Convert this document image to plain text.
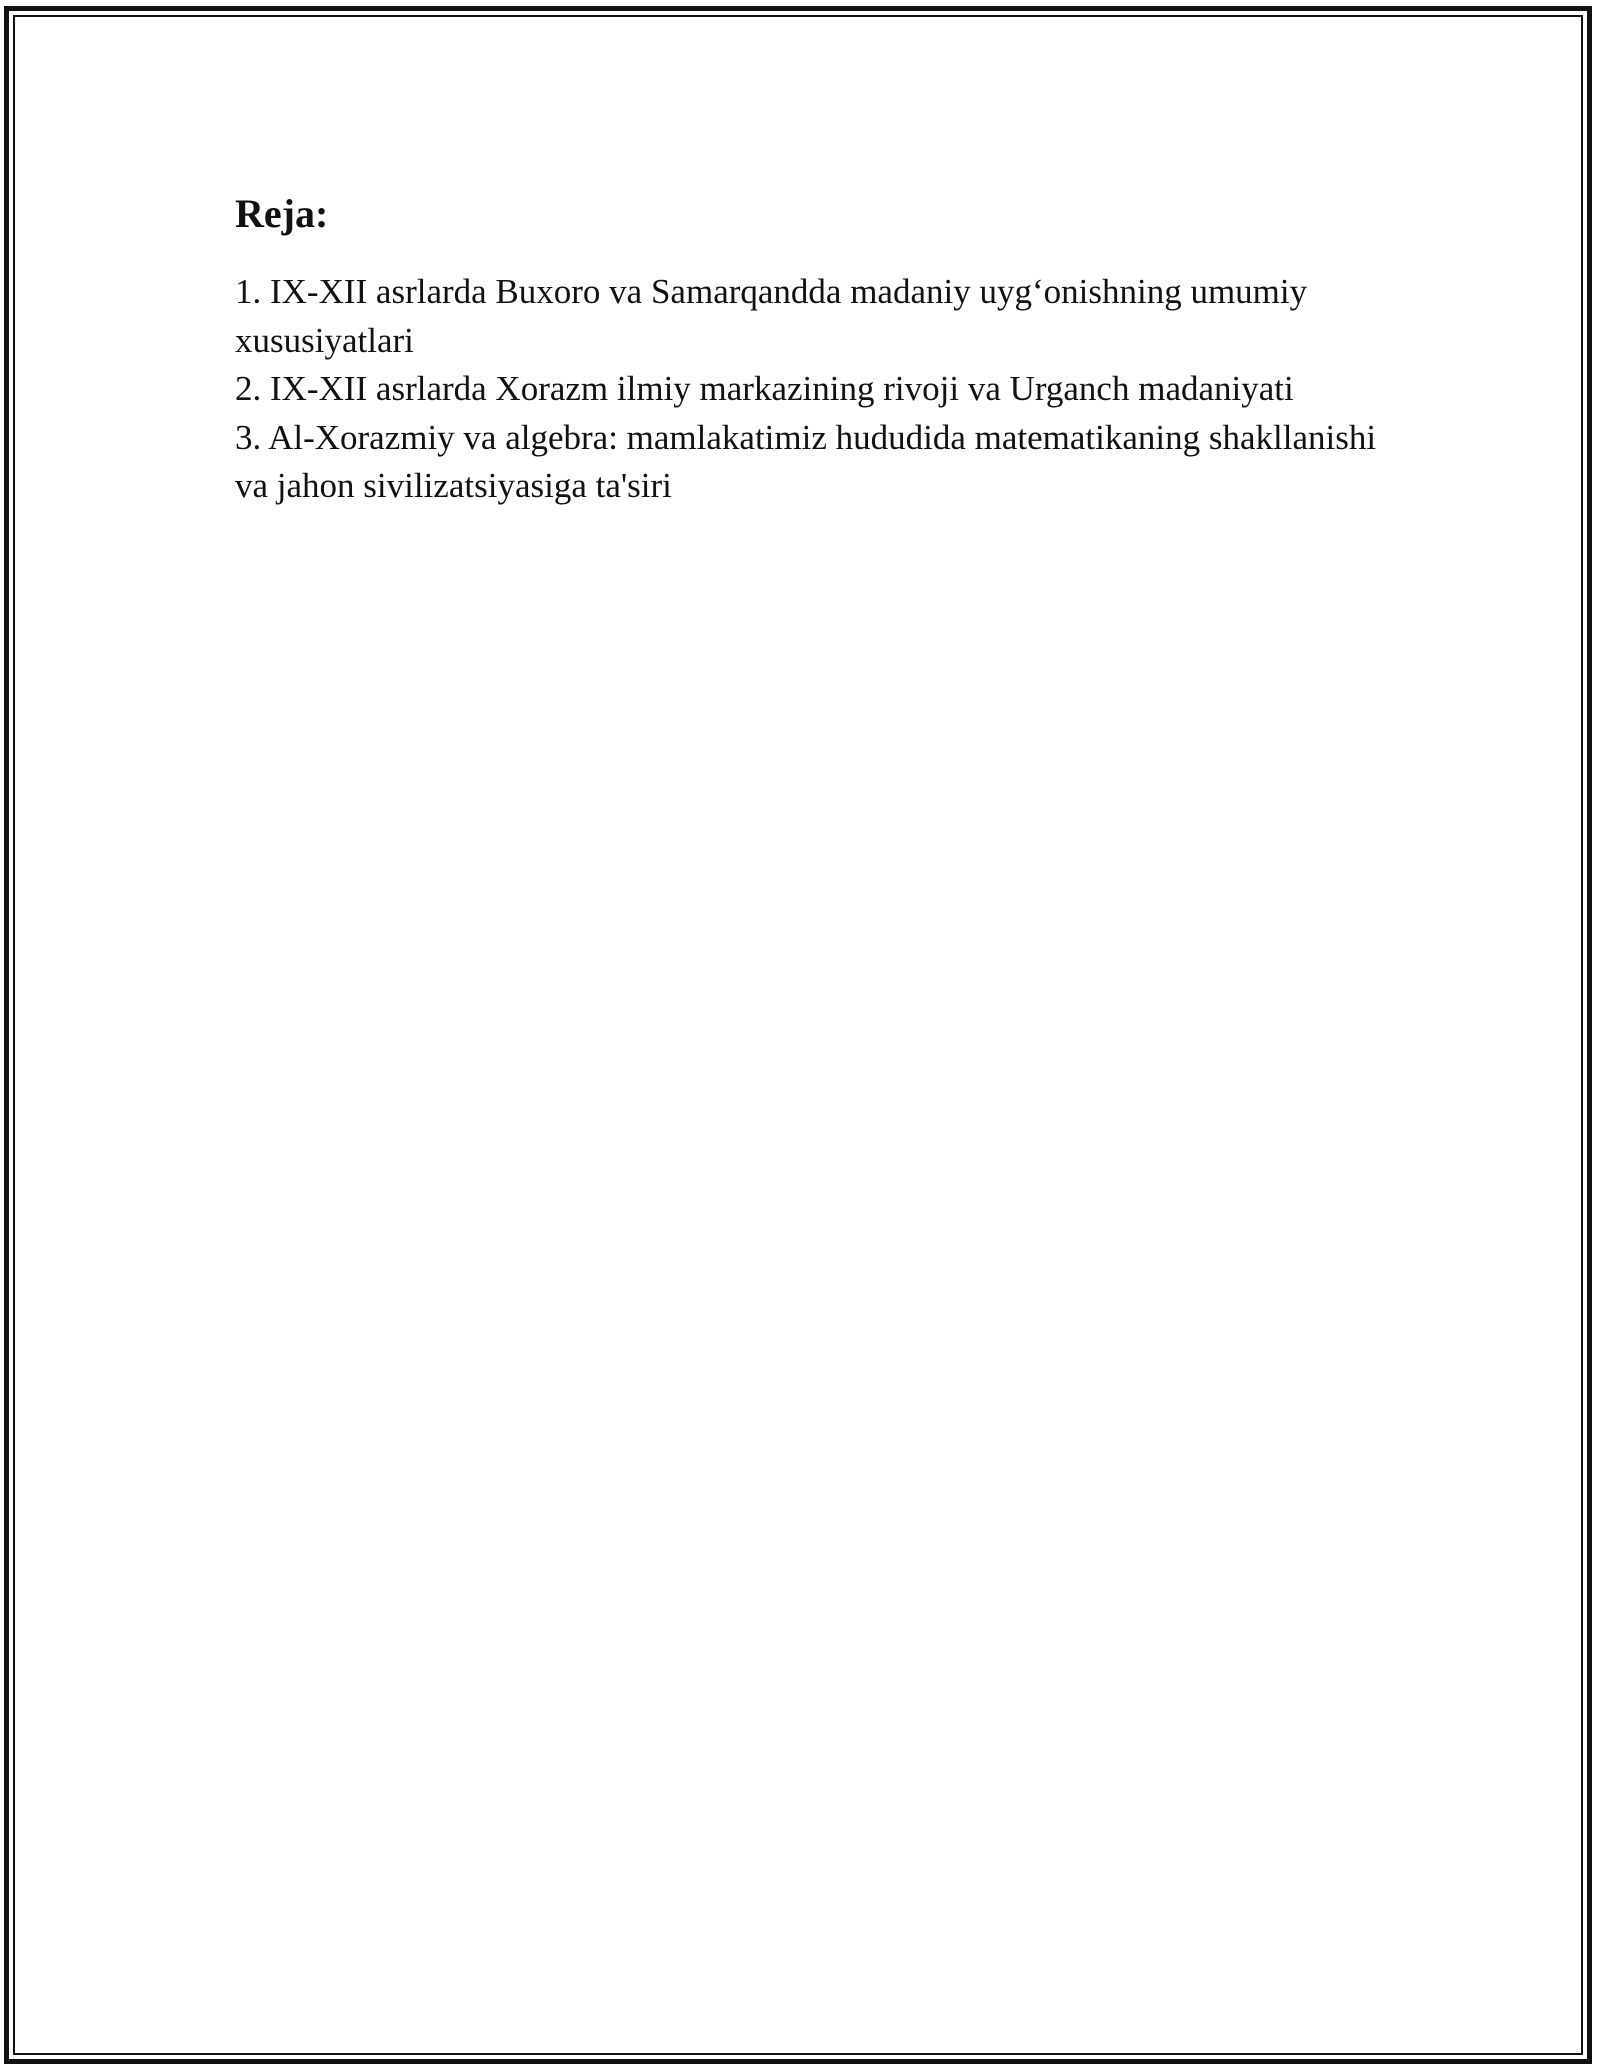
Reja:
1. IX-XII asrlarda Buxoro va Samarqandda madaniy uyg‘onishning umumiy xususiyatlari
2. IX-XII asrlarda Xorazm ilmiy markazining rivoji va Urganch madaniyati
3. Al-Xorazmiy va algebra: mamlakatimiz hududida matematikaning shakllanishi va jahon sivilizatsiyasiga ta'siri
